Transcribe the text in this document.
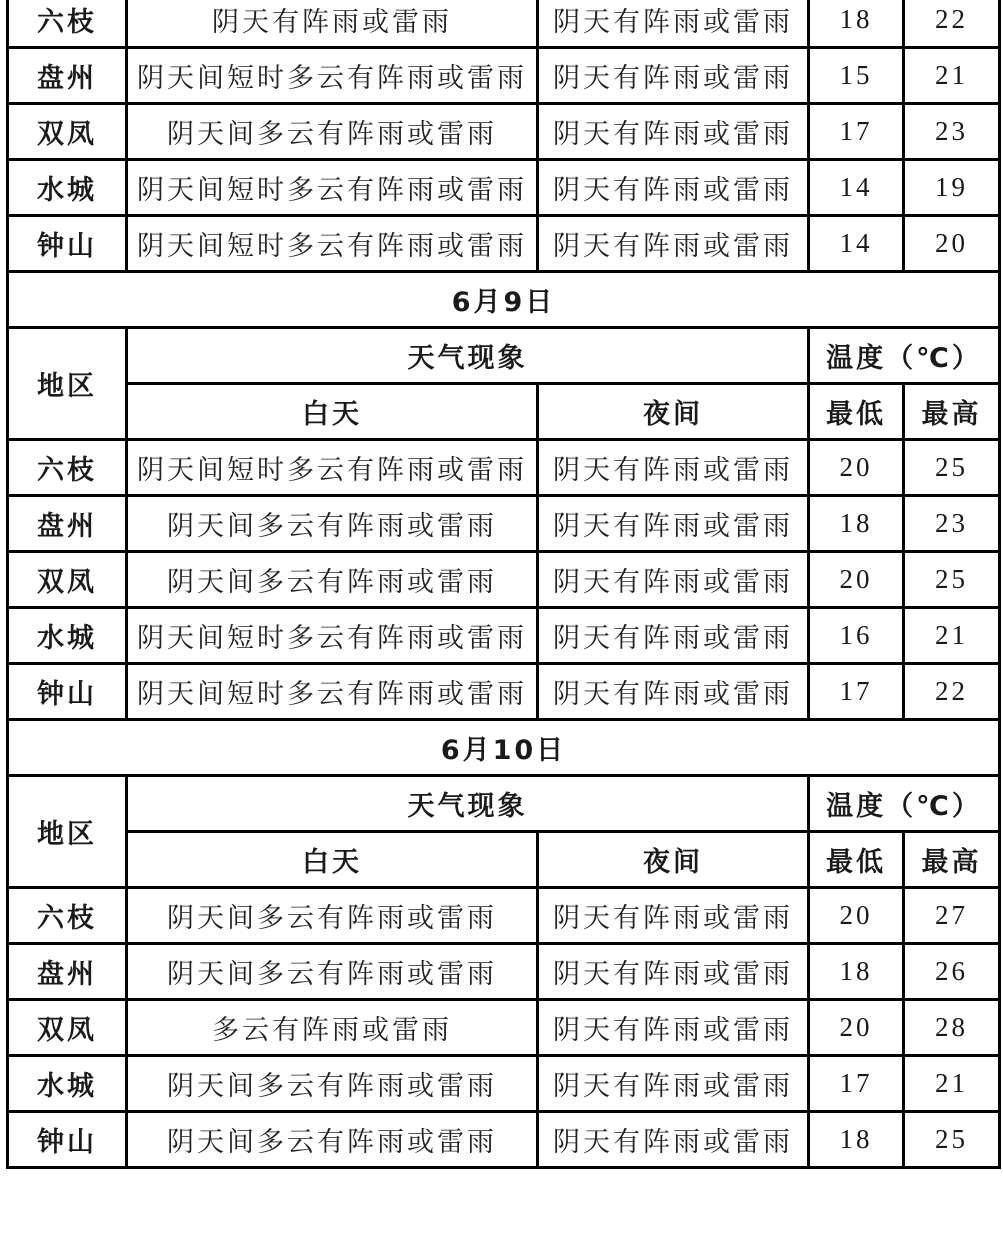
六枝	阴天有阵雨或雷雨	阴天有阵雨或雷雨	18	22
盘州	阴天间短时多云有阵雨或雷雨	阴天有阵雨或雷雨	15	21
双凤	阴天间多云有阵雨或雷雨	阴天有阵雨或雷雨	17	23
水城	阴天间短时多云有阵雨或雷雨	阴天有阵雨或雷雨	14	19
钟山	阴天间短时多云有阵雨或雷雨	阴天有阵雨或雷雨	14	20
6月9日				
地区	天气现象		温度（℃）	
	白天	夜间	最低	最高
六枝	阴天间短时多云有阵雨或雷雨	阴天有阵雨或雷雨	20	25
盘州	阴天间多云有阵雨或雷雨	阴天有阵雨或雷雨	18	23
双凤	阴天间多云有阵雨或雷雨	阴天有阵雨或雷雨	20	25
水城	阴天间短时多云有阵雨或雷雨	阴天有阵雨或雷雨	16	21
钟山	阴天间短时多云有阵雨或雷雨	阴天有阵雨或雷雨	17	22
6月10日				
地区	天气现象		温度（℃）	
	白天	夜间	最低	最高
六枝	阴天间多云有阵雨或雷雨	阴天有阵雨或雷雨	20	27
盘州	阴天间多云有阵雨或雷雨	阴天有阵雨或雷雨	18	26
双凤	多云有阵雨或雷雨	阴天有阵雨或雷雨	20	28
水城	阴天间多云有阵雨或雷雨	阴天有阵雨或雷雨	17	21
钟山	阴天间多云有阵雨或雷雨	阴天有阵雨或雷雨	18	25
